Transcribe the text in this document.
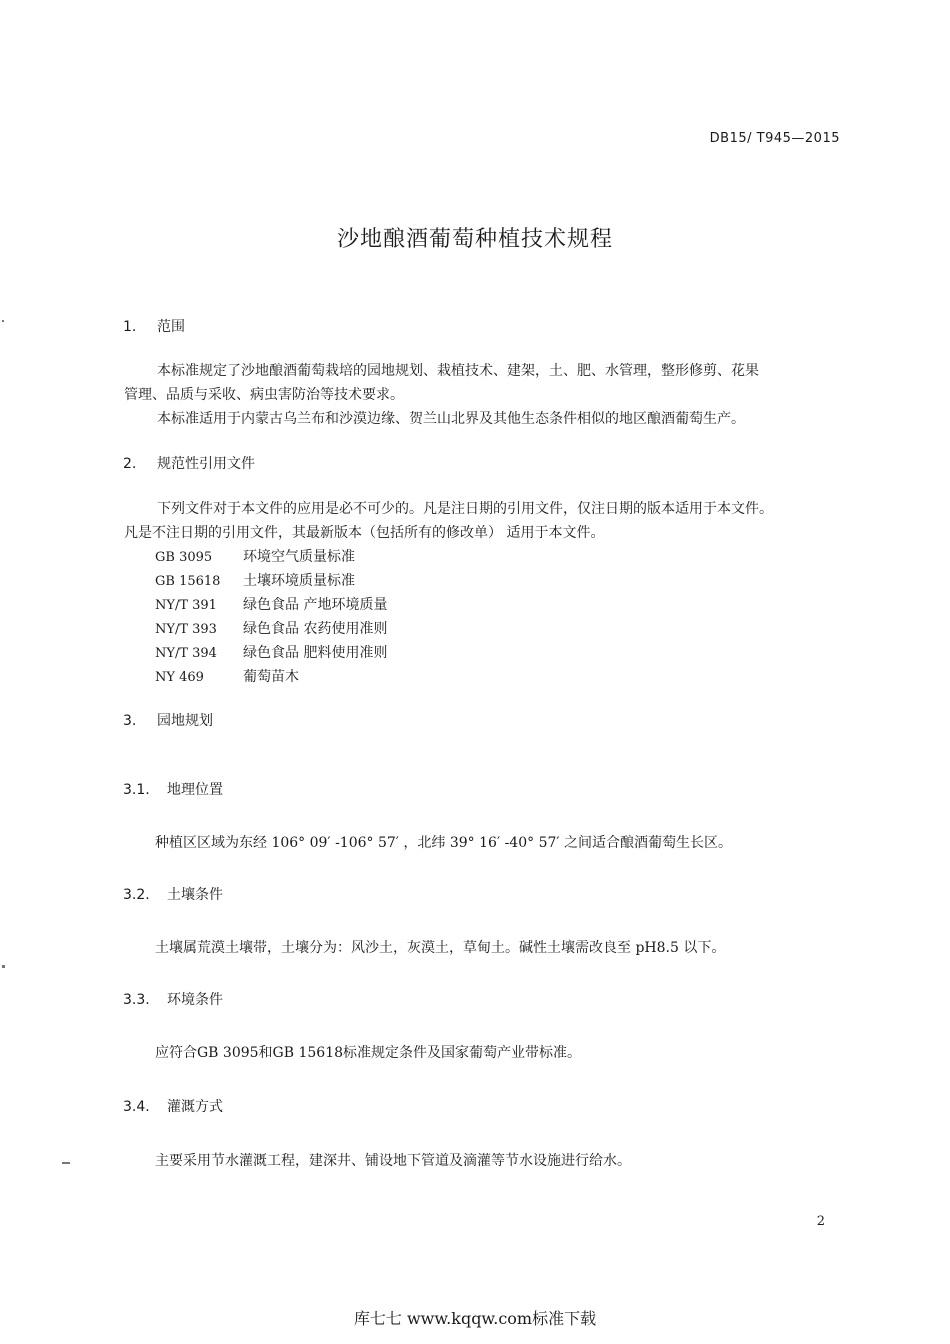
DB15/ T945—2015
沙地酿酒葡萄种植技术规程
1. 范围
本标准规定了沙地酿酒葡萄栽培的园地规划、栽植技术、建架，土、肥、水管理，整形修剪、花果
管理、品质与采收、病虫害防治等技术要求。
本标准适用于内蒙古乌兰布和沙漠边缘、贺兰山北界及其他生态条件相似的地区酿酒葡萄生产。
2. 规范性引用文件
下列文件对于本文件的应用是必不可少的。凡是注日期的引用文件，仅注日期的版本适用于本文件。
凡是不注日期的引用文件，其最新版本（包括所有的修改单） 适用于本文件。
GB 3095 环境空气质量标准
GB 15618 土壤环境质量标准
NY/T 391 绿色食品 产地环境质量
NY/T 393 绿色食品 农药使用准则
NY/T 394 绿色食品 肥料使用准则
NY 469	葡萄苗木
3. 园地规划
3.1. 地理位置
种植区区域为东经 106° 09′ -106° 57′ ，北纬 39° 16′ -40° 57′ 之间适合酿酒葡萄生长区。
3.2. 土壤条件
土壤属荒漠土壤带，土壤分为：风沙土，灰漠土，草甸土。碱性土壤需改良至 pH8.5 以下。
3.3. 环境条件
应符合GB 3095和GB 15618标准规定条件及国家葡萄产业带标准。
3.4. 灌溉方式
主要采用节水灌溉工程，建深井、铺设地下管道及滴灌等节水设施进行给水。
2
库七七 www.kqqw.com标准下载
